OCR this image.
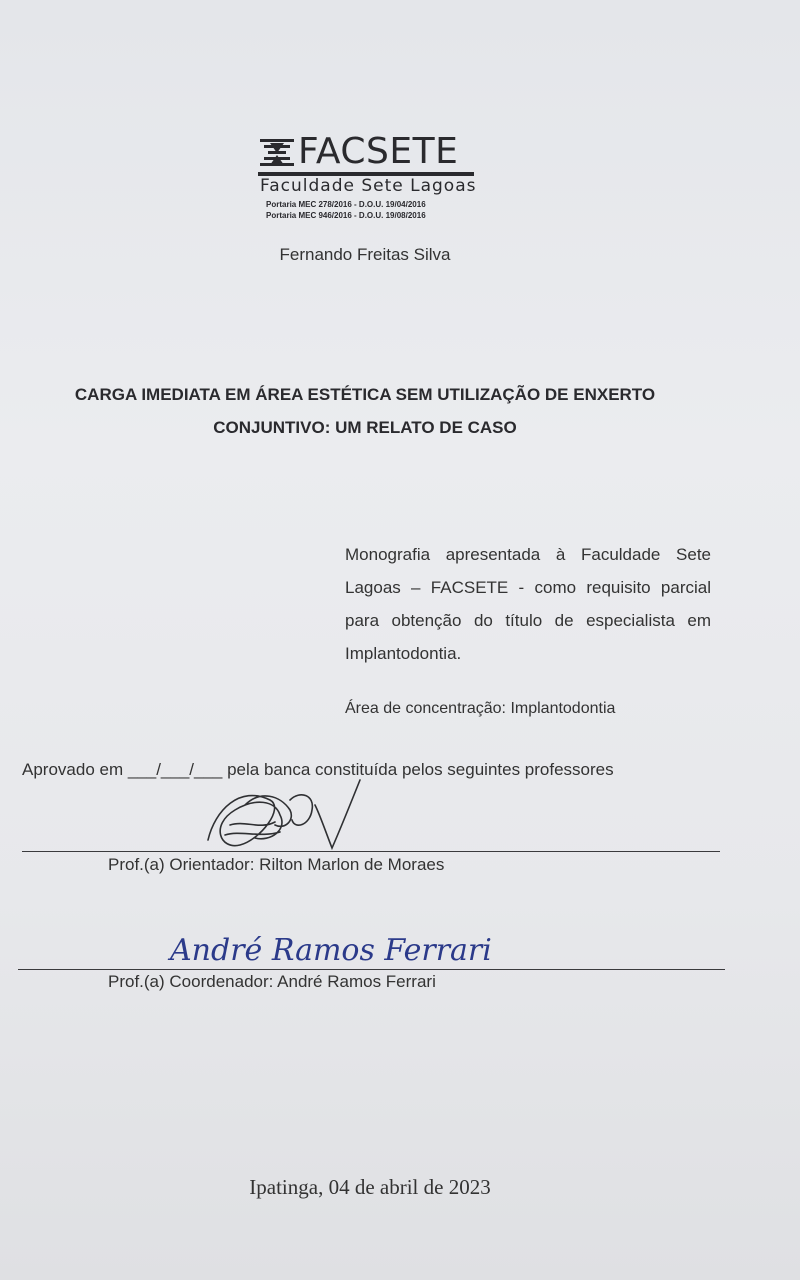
FACSETE
Faculdade Sete Lagoas
Portaria MEC 278/2016 - D.O.U. 19/04/2016
Portaria MEC 946/2016 - D.O.U. 19/08/2016
Fernando Freitas Silva
CARGA IMEDIATA EM ÁREA ESTÉTICA SEM UTILIZAÇÃO DE ENXERTO
CONJUNTIVO: UM RELATO DE CASO
Monografia apresentada à Faculdade Sete Lagoas – FACSETE - como requisito parcial para obtenção do título de especialista em Implantodontia.
Área de concentração: Implantodontia
Aprovado em ___/___/___ pela banca constituída pelos seguintes professores
Prof.(a) Orientador: Rilton Marlon de Moraes
André Ramos Ferrari
Prof.(a) Coordenador: André Ramos Ferrari
Ipatinga, 04 de abril de 2023
